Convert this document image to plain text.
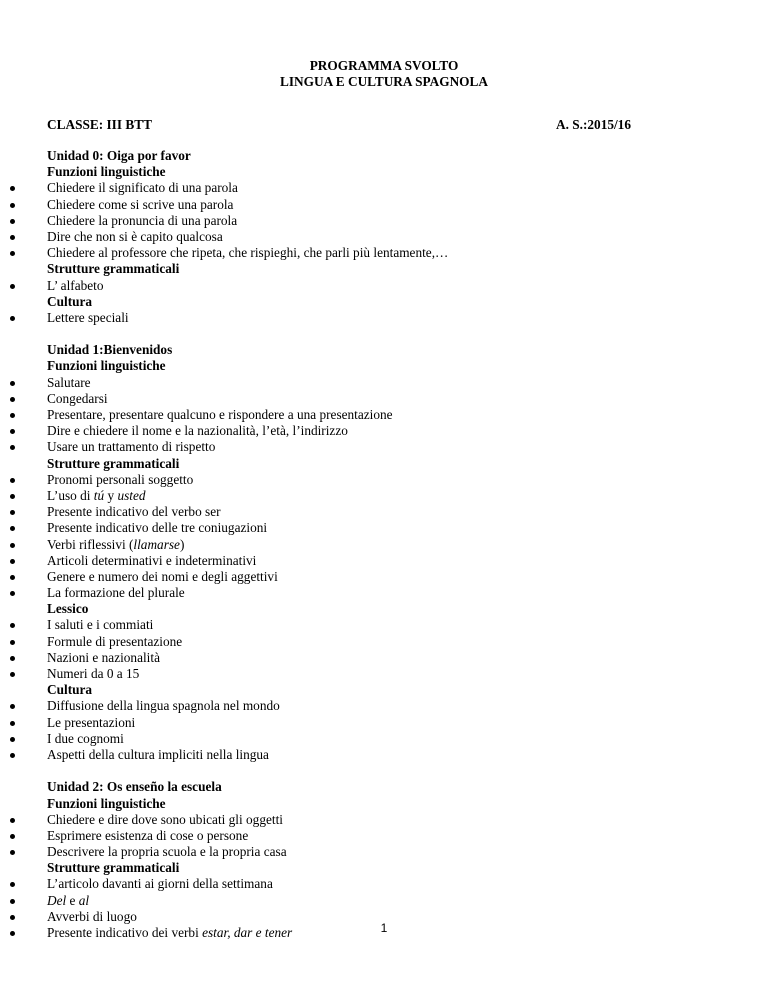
PROGRAMMA SVOLTO
LINGUA E CULTURA SPAGNOLA
CLASSE: III BTT	A. S.:2015/16
Unidad 0: Oiga por favor
Funzioni linguistiche
Chiedere il significato di una parola
Chiedere come si scrive una parola
Chiedere la pronuncia di una parola
Dire che non si è capito qualcosa
Chiedere al professore che ripeta, che rispieghi, che parli più lentamente,…
Strutture grammaticali
L’ alfabeto
Cultura
Lettere speciali
Unidad 1:Bienvenidos
Funzioni linguistiche
Salutare
Congedarsi
Presentare, presentare qualcuno e rispondere a una presentazione
Dire e chiedere il nome e la nazionalità, l’età, l’indirizzo
Usare un trattamento di rispetto
Strutture grammaticali
Pronomi personali soggetto
L’uso di tú y usted
Presente indicativo del verbo ser
Presente indicativo delle tre coniugazioni
Verbi riflessivi (llamarse)
Articoli determinativi e indeterminativi
Genere e numero dei nomi e degli aggettivi
La formazione del plurale
Lessico
I saluti e i commiati
Formule di presentazione
Nazioni e nazionalità
Numeri da 0 a 15
Cultura
Diffusione della lingua spagnola nel mondo
Le presentazioni
I due cognomi
Aspetti della cultura impliciti nella lingua
Unidad 2: Os enseño la escuela
Funzioni linguistiche
Chiedere e dire dove sono ubicati gli oggetti
Esprimere esistenza di cose o persone
Descrivere la propria scuola e la propria casa
Strutture grammaticali
L’articolo davanti ai giorni della settimana
Del e al
Avverbi di luogo
Presente indicativo dei verbi estar, dar e tener	1
